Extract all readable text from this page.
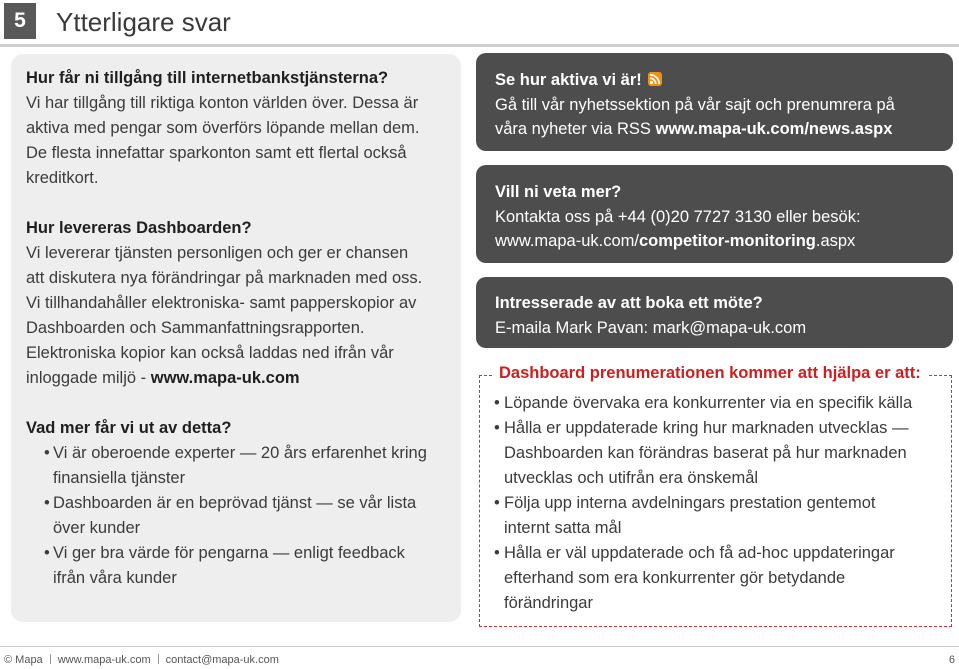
5	Ytterligare svar
Hur får ni tillgång till internetbankstjänsterna?
Vi har tillgång till riktiga konton världen över. Dessa är
aktiva med pengar som överförs löpande mellan dem.
De flesta innefattar sparkonton samt ett flertal också
kreditkort.
Hur levereras Dashboarden?
Vi levererar tjänsten personligen och ger er chansen
att diskutera nya förändringar på marknaden med oss.
Vi tillhandahåller elektroniska- samt papperskopior av
Dashboarden och Sammanfattningsrapporten.
Elektroniska kopior kan också laddas ned ifrån vår
inloggade miljö - www.mapa-uk.com
Vad mer får vi ut av detta?
• Vi är oberoende experter — 20 års erfarenhet kring
finansiella tjänster
• Dashboarden är en beprövad tjänst — se vår lista
över kunder
• Vi ger bra värde för pengarna — enligt feedback
ifrån våra kunder
Se hur aktiva vi är!
Gå till vår nyhetssektion på vår sajt och prenumrera på
våra nyheter via RSS www.mapa-uk.com/news.aspx
Vill ni veta mer?
Kontakta oss på +44 (0)20 7727 3130 eller besök:
www.mapa-uk.com/competitor-monitoring.aspx
Intresserade av att boka ett möte?
E-maila Mark Pavan: mark@mapa-uk.com
Dashboard prenumerationen kommer att hjälpa er att:
• Löpande övervaka era konkurrenter via en specifik källa
• Hålla er uppdaterade kring hur marknaden utvecklas —
Dashboarden kan förändras baserat på hur marknaden
utvecklas och utifrån era önskemål
• Följa upp interna avdelningars prestation gentemot
internt satta mål
• Hålla er väl uppdaterade och få ad-hoc uppdateringar
efterhand som era konkurrenter gör betydande
förändringar
© Mapa www.mapa-uk.com contact@mapa-uk.com	6
